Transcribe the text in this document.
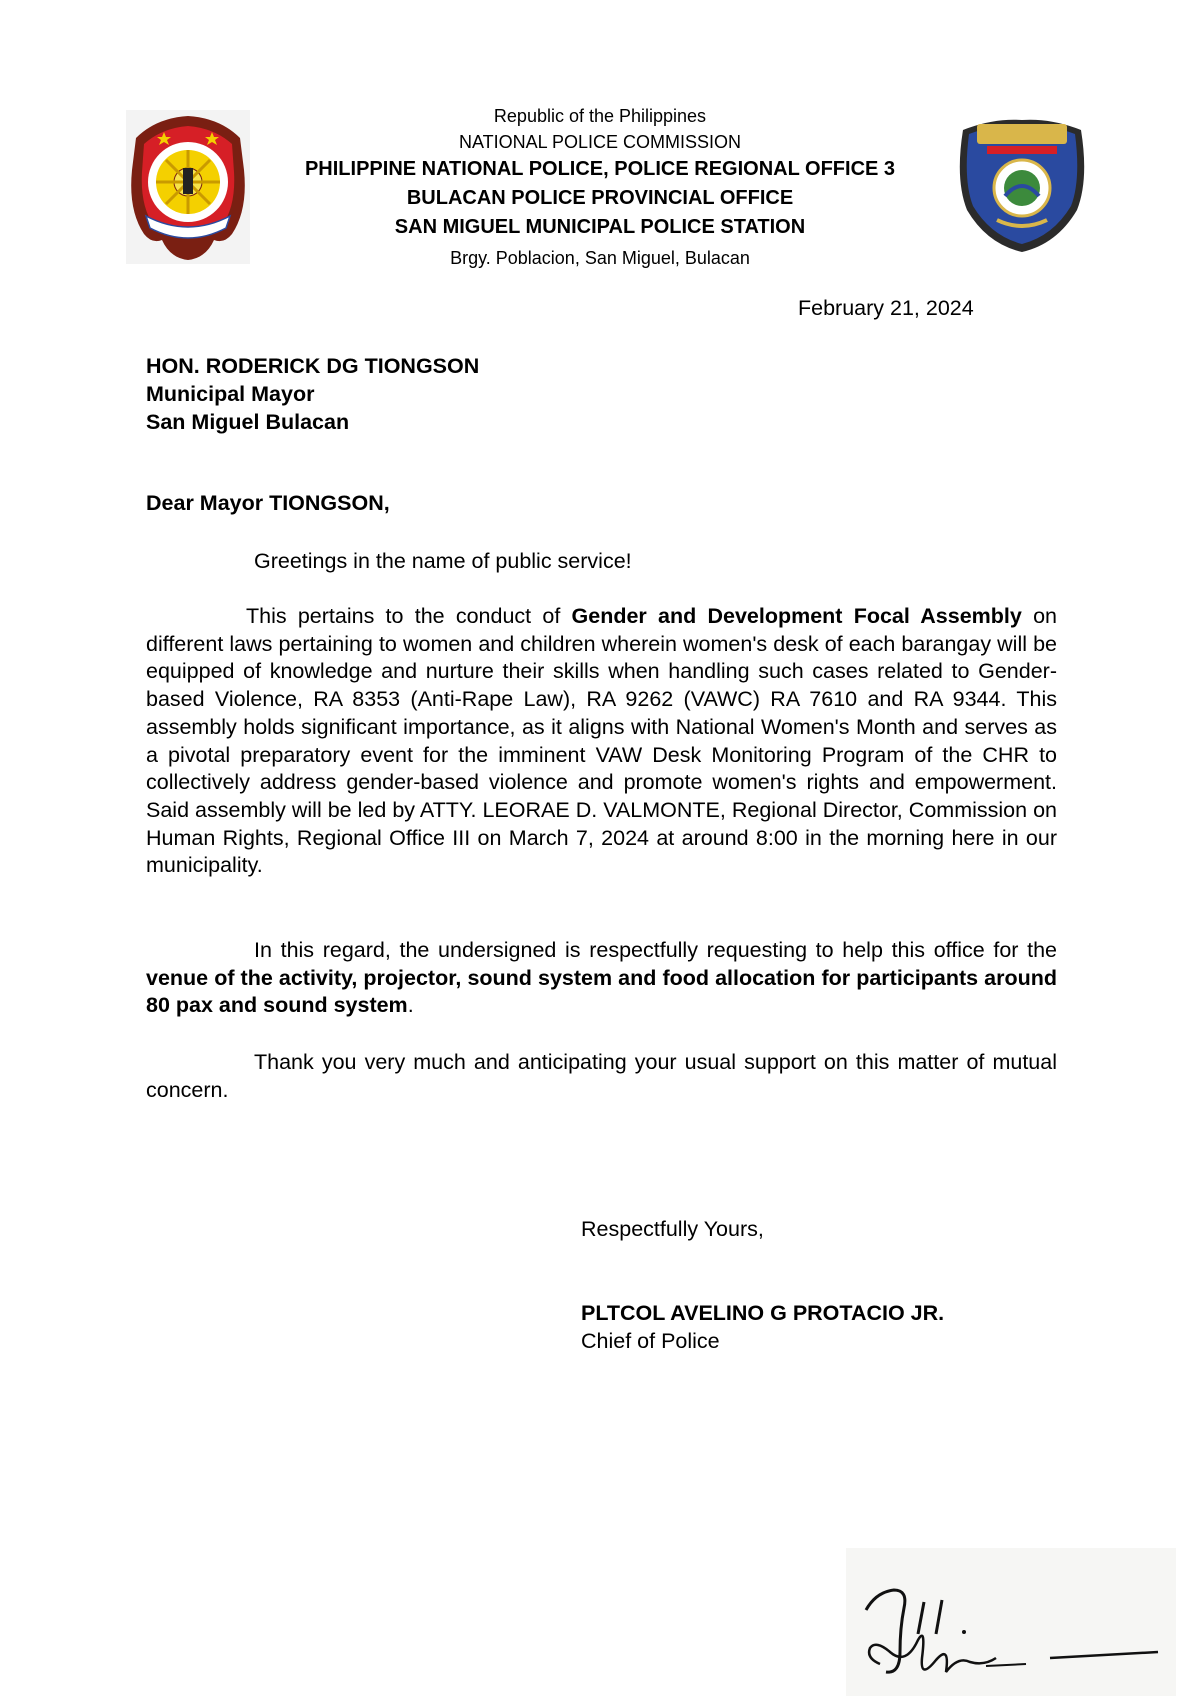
Republic of the Philippines
NATIONAL POLICE COMMISSION
PHILIPPINE NATIONAL POLICE, POLICE REGIONAL OFFICE 3
BULACAN POLICE PROVINCIAL OFFICE
SAN MIGUEL MUNICIPAL POLICE STATION
Brgy. Poblacion, San Miguel, Bulacan
February 21, 2024
HON. RODERICK DG TIONGSON
Municipal Mayor
San Miguel Bulacan
Dear Mayor TIONGSON,
Greetings in the name of public service!
This pertains to the conduct of Gender and Development Focal Assembly on different laws pertaining to women and children wherein women's desk of each barangay will be equipped of knowledge and nurture their skills when handling such cases related to Gender-based Violence, RA 8353 (Anti-Rape Law), RA 9262 (VAWC) RA 7610 and RA 9344. This assembly holds significant importance, as it aligns with National Women's Month and serves as a pivotal preparatory event for the imminent VAW Desk Monitoring Program of the CHR to collectively address gender-based violence and promote women's rights and empowerment. Said assembly will be led by ATTY. LEORAE D. VALMONTE, Regional Director, Commission on Human Rights, Regional Office III on March 7, 2024 at around 8:00 in the morning here in our municipality.
In this regard, the undersigned is respectfully requesting to help this office for the venue of the activity, projector, sound system and food allocation for participants around 80 pax and sound system.
Thank you very much and anticipating your usual support on this matter of mutual concern.
Respectfully Yours,
PLTCOL AVELINO G PROTACIO JR.
Chief of Police
